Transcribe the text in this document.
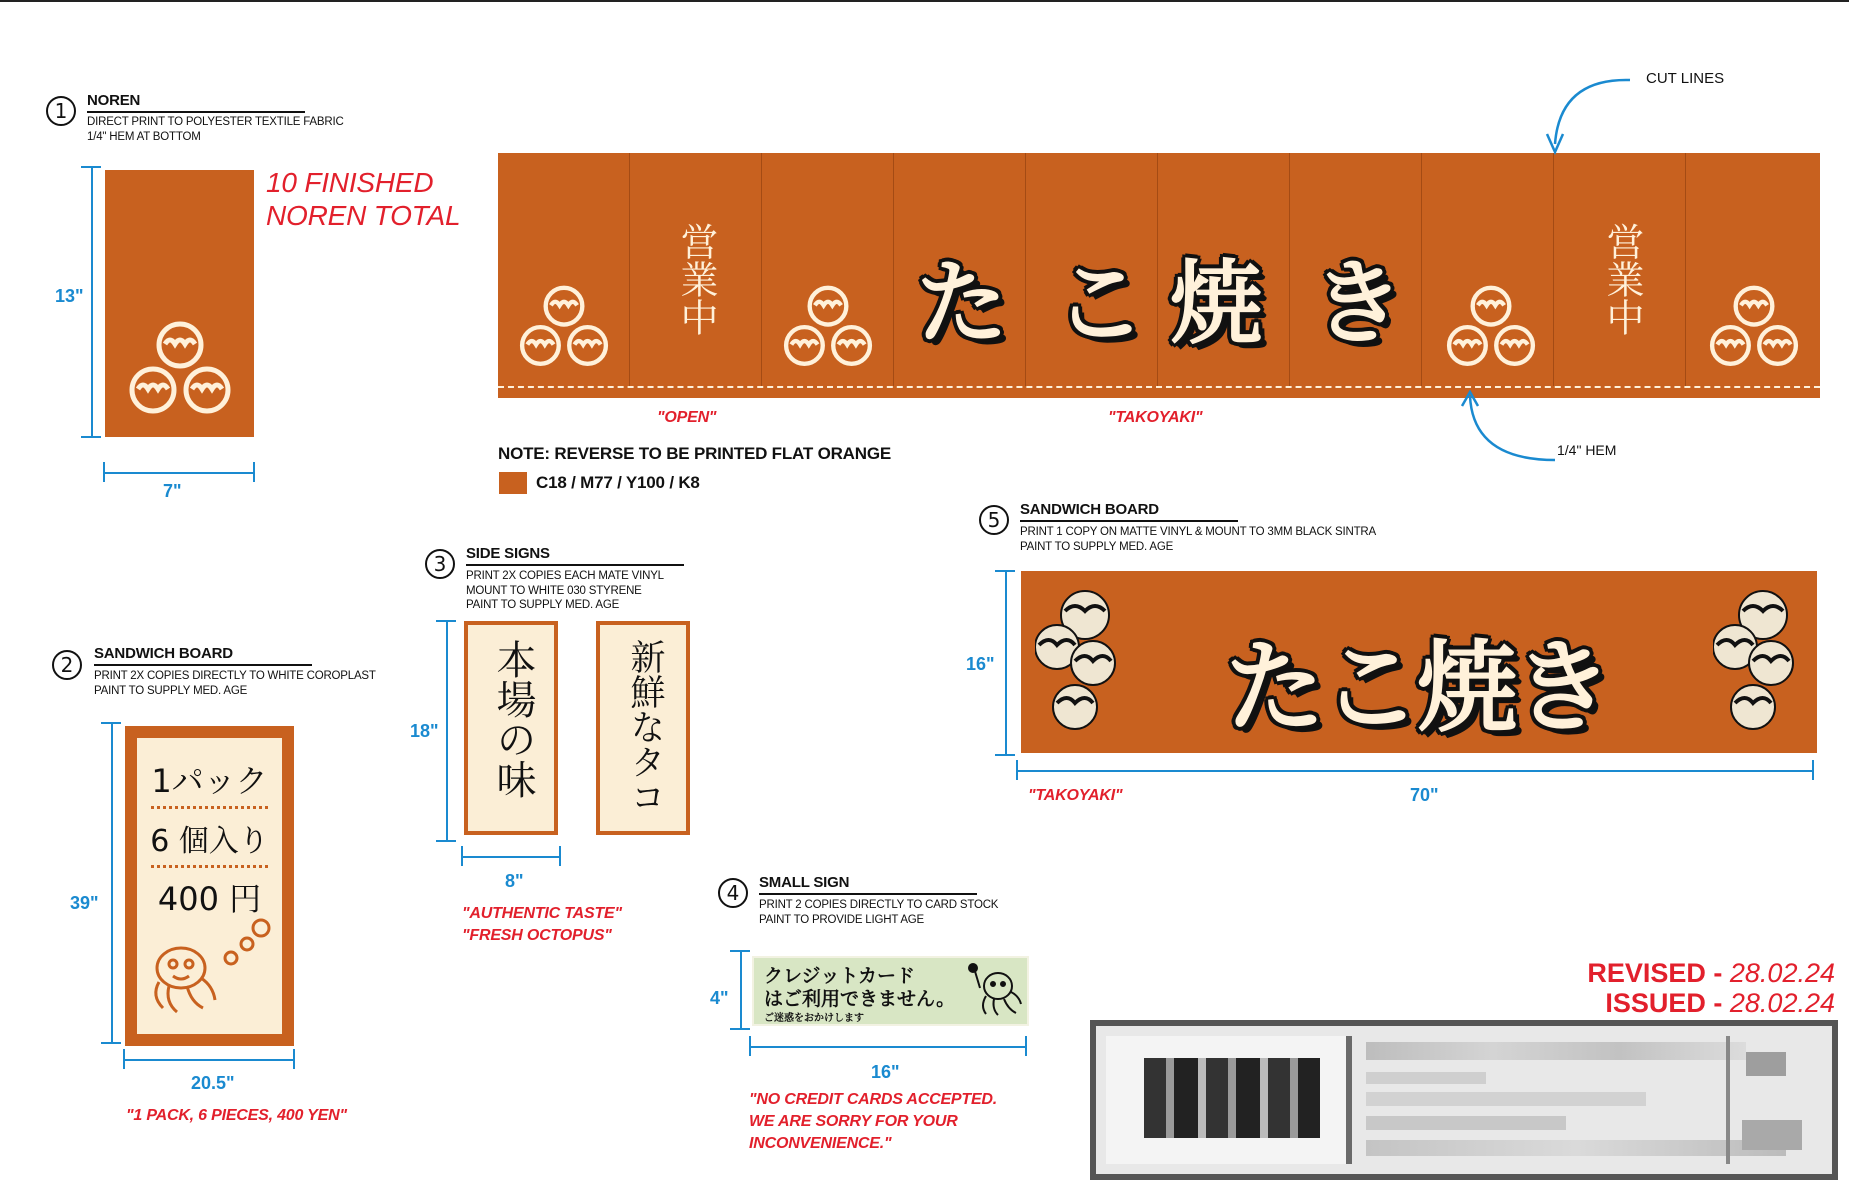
1	NOREN
DIRECT PRINT TO POLYESTER TEXTILE FABRIC
1/4" HEM AT BOTTOM
13"
7"
10 FINISHED
NOREN TOTAL
営業中	営業中
た こ 焼 き
"OPEN"	"TAKOYAKI"
CUT LINES
1/4" HEM
NOTE: REVERSE TO BE PRINTED FLAT ORANGE
C18 / M77 / Y100 / K8
2	SANDWICH BOARD
PRINT 2X COPIES DIRECTLY TO WHITE COROPLAST
PAINT TO SUPPLY MED. AGE
1パック
6 個入り
400 円
39"
20.5"
"1 PACK, 6 PIECES, 400 YEN"
3	SIDE SIGNS
PRINT 2X COPIES EACH MATE VINYL
MOUNT TO WHITE 030 STYRENE
PAINT TO SUPPLY MED. AGE
本場の味	新鮮なタコ
18"
8"
"AUTHENTIC TASTE"
"FRESH OCTOPUS"
4	SMALL SIGN
PRINT 2 COPIES DIRECTLY TO CARD STOCK
PAINT TO PROVIDE LIGHT AGE
クレジットカード
はご利用できません。
ご迷惑をおかけします
4"
16"
"NO CREDIT CARDS ACCEPTED.
WE ARE SORRY FOR YOUR
INCONVENIENCE."
5	SANDWICH BOARD
PRINT 1 COPY ON MATTE VINYL & MOUNT TO 3MM BLACK SINTRA
PAINT TO SUPPLY MED. AGE
たこ焼き
16"
70"
"TAKOYAKI"
REVISED - 28.02.24
ISSUED - 28.02.24
